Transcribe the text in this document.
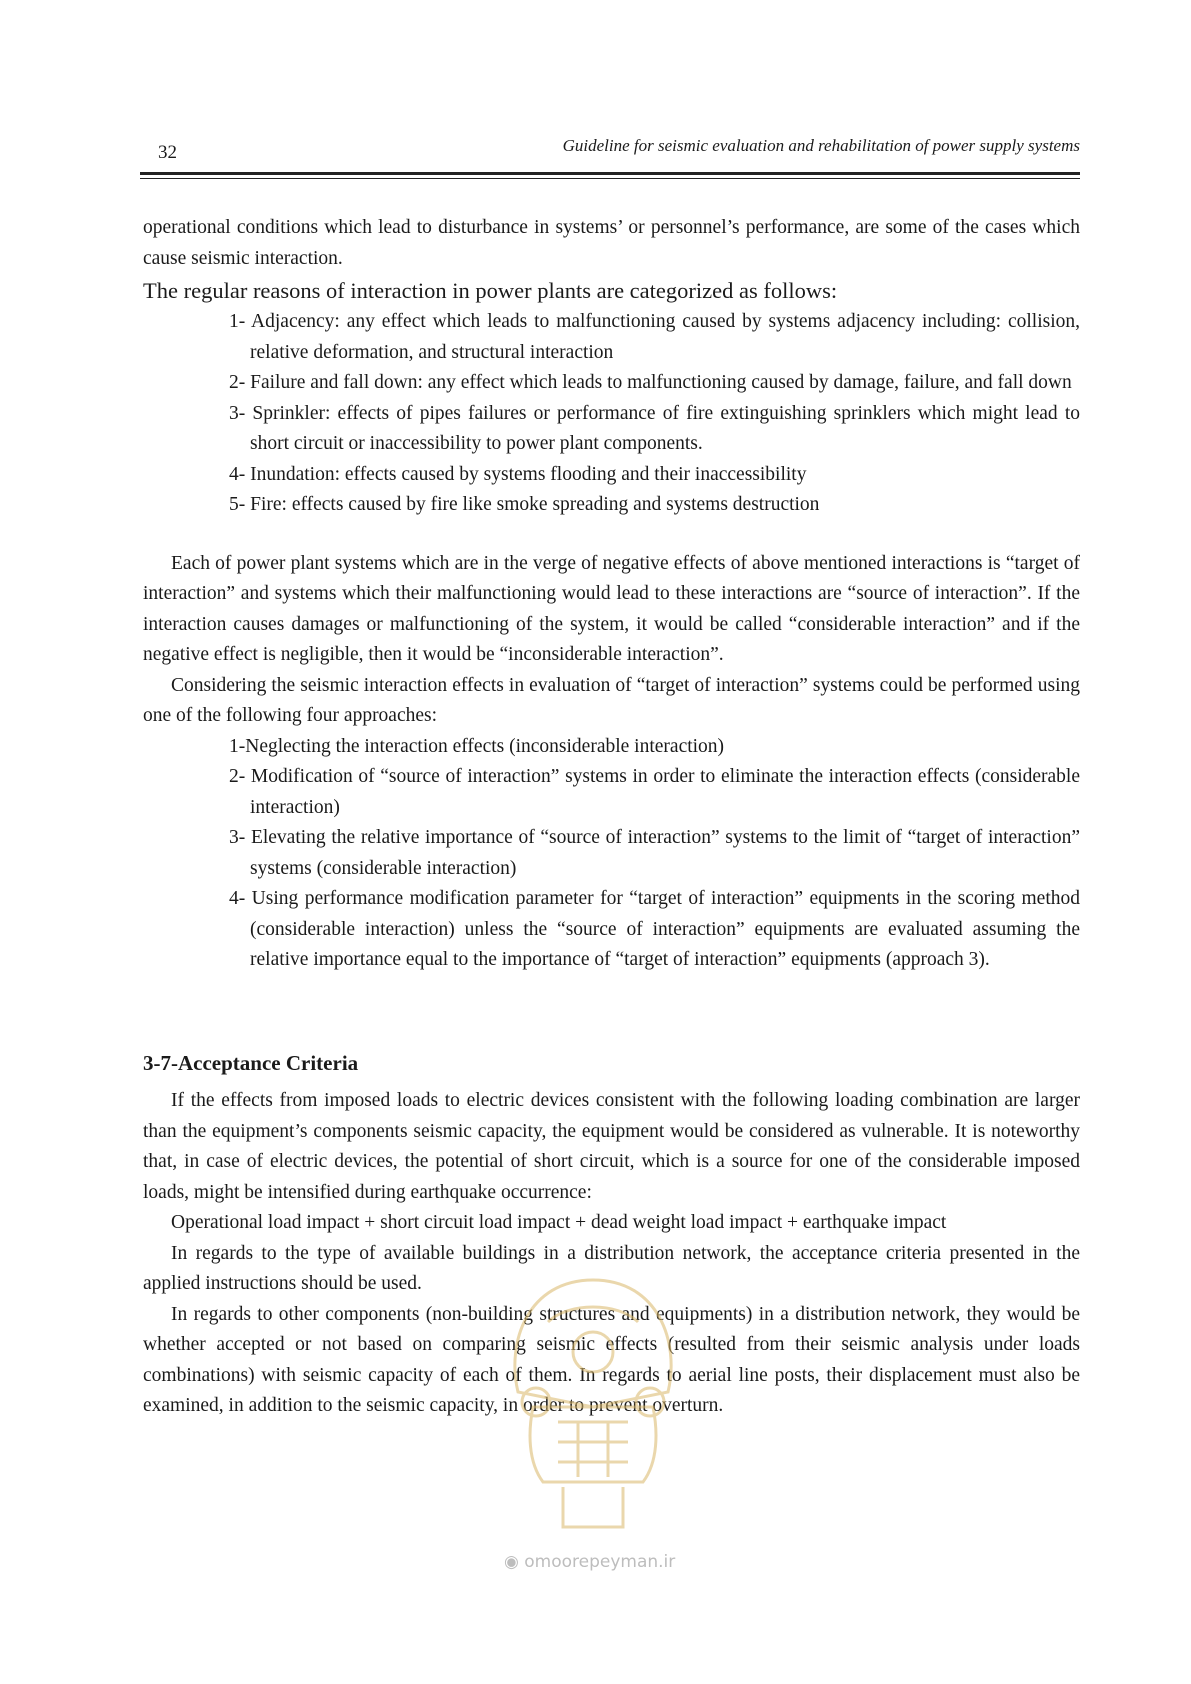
32	Guideline for seismic evaluation and rehabilitation of power supply systems

operational conditions which lead to disturbance in systems’ or personnel’s performance, are some of the cases which cause seismic interaction.

The regular reasons of interaction in power plants are categorized as follows:

1- Adjacency: any effect which leads to malfunctioning caused by systems adjacency including: collision, relative deformation, and structural interaction
2- Failure and fall down: any effect which leads to malfunctioning caused by damage, failure, and fall down
3- Sprinkler: effects of pipes failures or performance of fire extinguishing sprinklers which might lead to short circuit or inaccessibility to power plant components.
4- Inundation: effects caused by systems flooding and their inaccessibility
5- Fire: effects caused by fire like smoke spreading and systems destruction

Each of power plant systems which are in the verge of negative effects of above mentioned interactions is “target of interaction” and systems which their malfunctioning would lead to these interactions are “source of interaction”. If the interaction causes damages or malfunctioning of the system, it would be called “considerable interaction” and if the negative effect is negligible, then it would be “inconsiderable interaction”.

Considering the seismic interaction effects in evaluation of “target of interaction” systems could be performed using one of the following four approaches:

1-Neglecting the interaction effects (inconsiderable interaction)
2- Modification of “source of interaction” systems in order to eliminate the interaction effects (considerable interaction)
3- Elevating the relative importance of “source of interaction” systems to the limit of “target of interaction” systems (considerable interaction)
4- Using performance modification parameter for “target of interaction” equipments in the scoring method (considerable interaction) unless the “source of interaction” equipments are evaluated assuming the relative importance equal to the importance of “target of interaction” equipments (approach 3).
3-7-Acceptance Criteria

If the effects from imposed loads to electric devices consistent with the following loading combination are larger than the equipment’s components seismic capacity, the equipment would be considered as vulnerable. It is noteworthy that, in case of electric devices, the potential of short circuit, which is a source for one of the considerable imposed loads, might be intensified during earthquake occurrence:

Operational load impact + short circuit load impact + dead weight load impact + earthquake impact

In regards to the type of available buildings in a distribution network, the acceptance criteria presented in the applied instructions should be used.

In regards to other components (non-building structures and equipments) in a distribution network, they would be whether accepted or not based on comparing seismic effects (resulted from their seismic analysis under loads combinations) with seismic capacity of each of them. In regards to aerial line posts, their displacement must also be examined, in addition to the seismic capacity, in order to prevent overturn.

◉ omoorepeyman.ir
